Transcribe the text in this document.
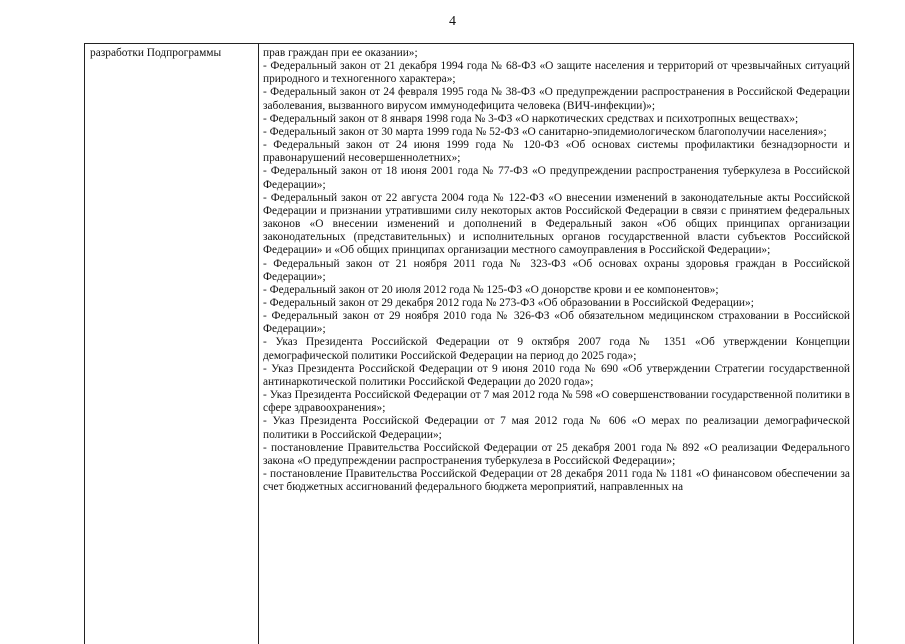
4
разработки Подпрограммы	прав граждан при ее оказании»;

- Федеральный закон от 21 декабря 1994 года № 68-ФЗ «О защите населения и территорий от чрезвычайных ситуаций природного и техногенного характера»;

- Федеральный закон от 24 февраля 1995 года № 38-ФЗ «О предупреждении распространения в Российской Федерации заболевания, вызванного вирусом иммунодефицита человека (ВИЧ-инфекции)»;

- Федеральный закон от 8 января 1998 года № 3-ФЗ «О наркотических средствах и психотропных веществах»;

- Федеральный закон от 30 марта 1999 года № 52-ФЗ «О санитарно-эпидемиологическом благополучии населения»;

- Федеральный закон от 24 июня 1999 года № 120-ФЗ «Об основах системы профилактики безнадзорности и правонарушений несовершеннолетних»;

- Федеральный закон от 18 июня 2001 года № 77-ФЗ «О предупреждении распространения туберкулеза в Российской Федерации»;

- Федеральный закон от 22 августа 2004 года № 122-ФЗ «О внесении изменений в законодательные акты Российской Федерации и признании утратившими силу некоторых актов Российской Федерации в связи с принятием федеральных законов «О внесении изменений и дополнений в Федеральный закон «Об общих принципах организации законодательных (представительных) и исполнительных органов государственной власти субъектов Российской Федерации» и «Об общих принципах организации местного самоуправления в Российской Федерации»;

- Федеральный закон от 21 ноября 2011 года № 323-ФЗ «Об основах охраны здоровья граждан в Российской Федерации»;

- Федеральный закон от 20 июля 2012 года № 125-ФЗ «О донорстве крови и ее компонентов»;

- Федеральный закон от 29 декабря 2012 года № 273-ФЗ «Об образовании в Российской Федерации»;

- Федеральный закон от 29 ноября 2010 года № 326-ФЗ «Об обязательном медицинском страховании в Российской Федерации»;

- Указ Президента Российской Федерации от 9 октября 2007 года № 1351 «Об утверждении Концепции демографической политики Российской Федерации на период до 2025 года»;

- Указ Президента Российской Федерации от 9 июня 2010 года № 690 «Об утверждении Стратегии государственной антинаркотической политики Российской Федерации до 2020 года»;

- Указ Президента Российской Федерации от 7 мая 2012 года № 598 «О совершенствовании государственной политики в сфере здравоохранения»;

- Указ Президента Российской Федерации от 7 мая 2012 года № 606 «О мерах по реализации демографической политики в Российской Федерации»;

- постановление Правительства Российской Федерации от 25 декабря 2001 года № 892 «О реализации Федерального закона «О предупреждении распространения туберкулеза в Российской Федерации»;

- постановление Правительства Российской Федерации от 28 декабря 2011 года № 1181 «О финансовом обеспечении за счет бюджетных ассигнований федерального бюджета мероприятий, направленных на
